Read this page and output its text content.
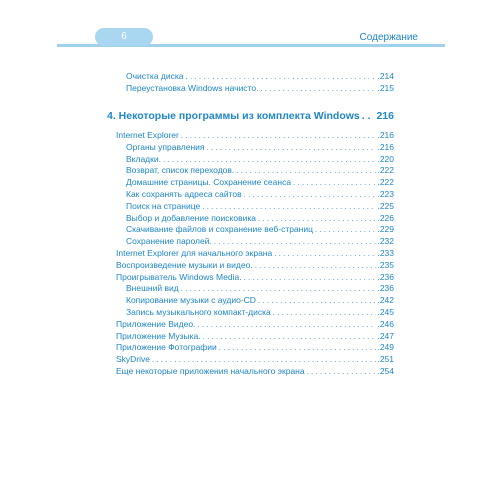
6	Содержание
Очистка диска . . .	.214
Переустановка Windows начисто. . . .	.215
4. Некоторые программы из комплекта Windows . . . 216
Internet Explorer . . .	.216
Органы управления . . .	.216
Вкладки. . . .	.220
Возврат, список переходов. . . .	.222
Домашние страницы. Сохранение сеанса . . .	.222
Как сохранять адреса сайтов . . .	.223
Поиск на странице . . .	.225
Выбор и добавление поисковика . . .	.226
Скачивание файлов и сохранение веб-страниц . . .	.229
Сохранение паролей. . . .	.232
Internet Explorer для начального экрана . . .	.233
Воспроизведение музыки и видео. . . .	.235
Проигрыватель Windows Media. . . .	.236
Внешний вид . . .	.236
Копирование музыки с аудио-CD . . .	.242
Запись музыкального компакт-диска . . .	.245
Приложение Видео. . . .	.246
Приложение Музыка. . . .	.247
Приложение Фотографии . . .	.249
SkyDrive . . .	.251
Еще некоторые приложения начального экрана . . .	.254
